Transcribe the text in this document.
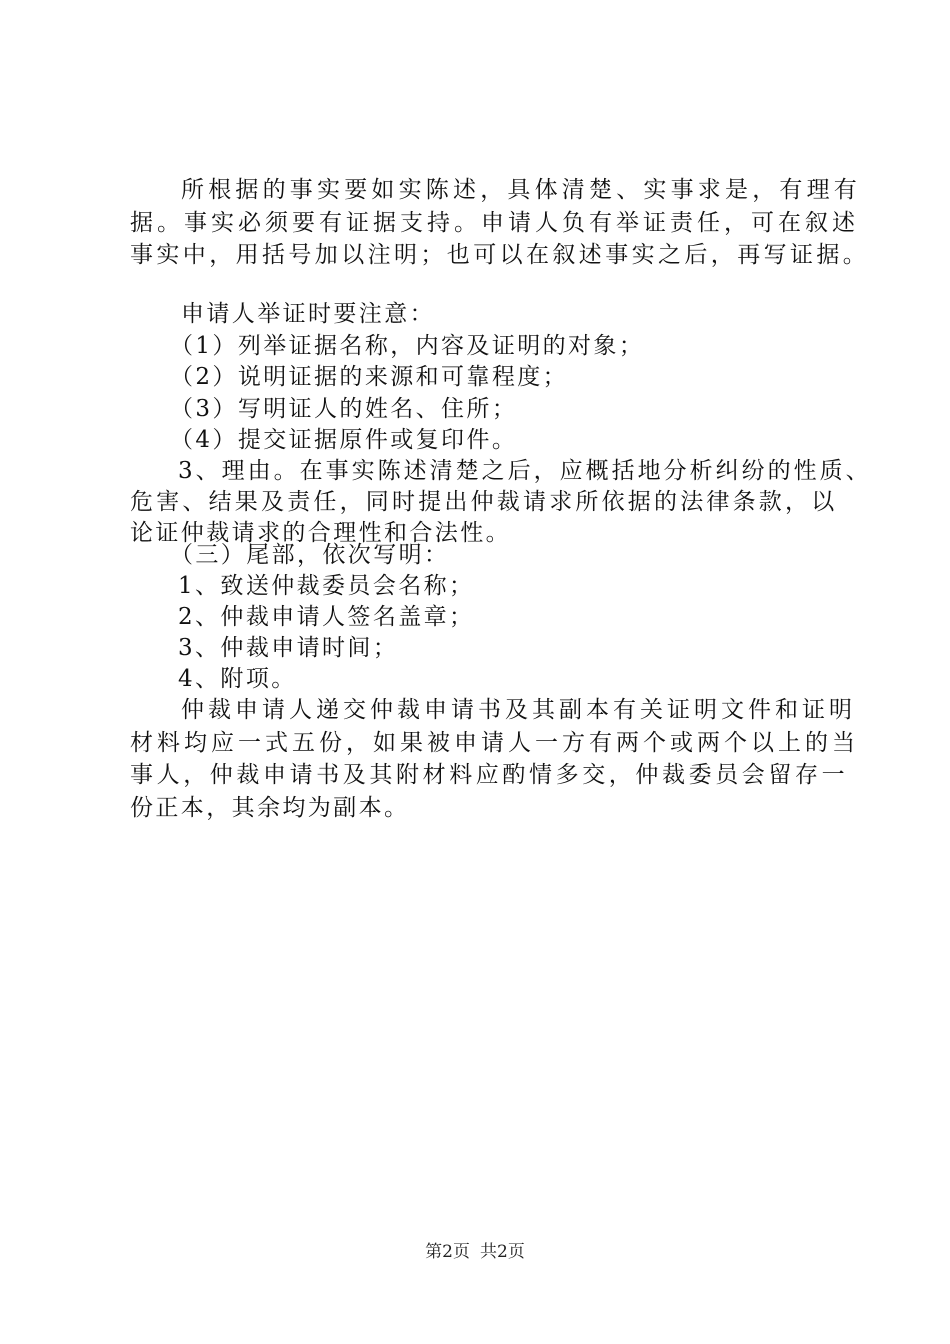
所根据的事实要如实陈述，具体清楚、实事求是，有理有
据。事实必须要有证据支持。申请人负有举证责任，可在叙述
事实中，用括号加以注明；也可以在叙述事实之后，再写证据。
申请人举证时要注意：
（1）列举证据名称，内容及证明的对象；
（2）说明证据的来源和可靠程度；
（3）写明证人的姓名、住所；
（4）提交证据原件或复印件。
3、理由。在事实陈述清楚之后，应概括地分析纠纷的性质、
危害、结果及责任，同时提出仲裁请求所依据的法律条款，以
论证仲裁请求的合理性和合法性。
（三）尾部，依次写明：
1、致送仲裁委员会名称；
2、仲裁申请人签名盖章；
3、仲裁申请时间；
4、附项。
仲裁申请人递交仲裁申请书及其副本有关证明文件和证明
材料均应一式五份，如果被申请人一方有两个或两个以上的当
事人，仲裁申请书及其附材料应酌情多交，仲裁委员会留存一
份正本，其余均为副本。
第2页 共2页
